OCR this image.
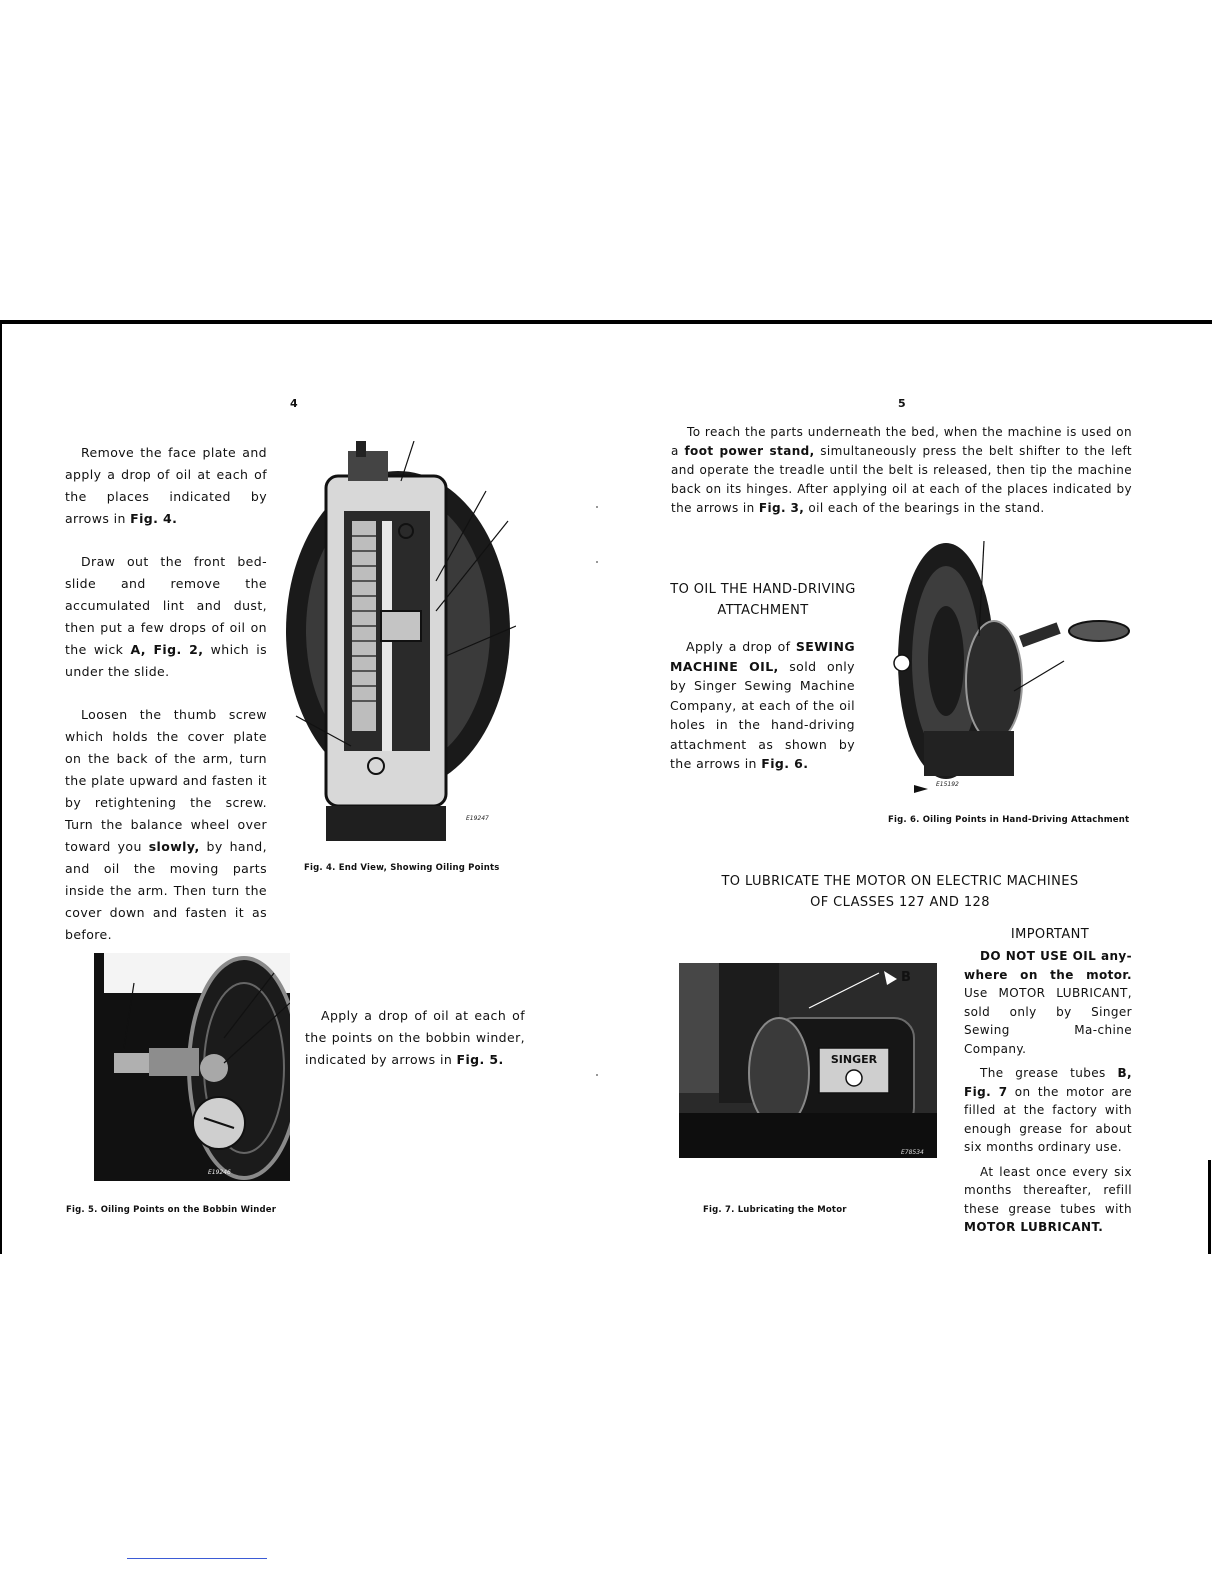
4

Remove the face plate and apply a drop of oil at each of the places indicated by arrows in Fig. 4.

Draw out the front bed-slide and remove the accumulated lint and dust, then put a few drops of oil on the wick A, Fig. 2, which is under the slide.

Loosen the thumb screw which holds the cover plate on the back of the arm, turn the plate upward and fasten it by retightening the screw. Turn the balance wheel over toward you slowly, by hand, and oil the moving parts inside the arm. Then turn the cover down and fasten it as before.

E19247
Fig. 4. End View, Showing Oiling Points
E19246

Apply a drop of oil at each of the points on the bobbin winder, indicated by arrows in Fig. 5.

Fig. 5. Oiling Points on the Bobbin Winder
5

To reach the parts underneath the bed, when the machine is used on a foot power stand, simultaneously press the belt shifter to the left and operate the treadle until the belt is released, then tip the machine back on its hinges. After applying oil at each of the places indicated by the arrows in Fig. 3, oil each of the bearings in the stand.

TO OIL THE HAND-DRIVING
ATTACHMENT

Apply a drop of SEWING MACHINE OIL, sold only by Singer Sewing Machine Company, at each of the oil holes in the hand-driving attachment as shown by the arrows in Fig. 6.

E15192
Fig. 6. Oiling Points in Hand-Driving Attachment
TO LUBRICATE THE MOTOR ON ELECTRIC MACHINES
OF CLASSES 127 AND 128
IMPORTANT

DO NOT USE OIL any-where on the motor. Use MOTOR LUBRICANT, sold only by Singer Sewing Ma-chine Company.

The grease tubes B, Fig. 7 on the motor are filled at the factory with enough grease for about six months ordinary use.

At least once every six months thereafter, refill these grease tubes with MOTOR LUBRICANT.

SINGER
E78534
B
Fig. 7. Lubricating the Motor
